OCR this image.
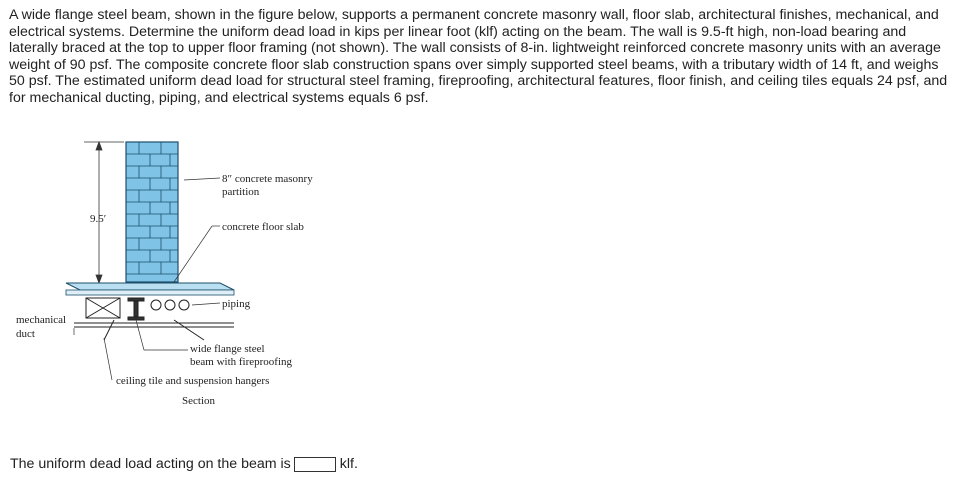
A wide flange steel beam, shown in the figure below, supports a permanent concrete masonry wall, floor slab, architectural finishes, mechanical, and electrical systems. Determine the uniform dead load in kips per linear foot (klf) acting on the beam. The wall is 9.5-ft high, non-load bearing and laterally braced at the top to upper floor framing (not shown). The wall consists of 8-in. lightweight reinforced concrete masonry units with an average weight of 90 psf. The composite concrete floor slab construction spans over simply supported steel beams, with a tributary width of 14 ft, and weighs 50 psf. The estimated uniform dead load for structural steel framing, fireproofing, architectural features, floor finish, and ceiling tiles equals 24 psf, and for mechanical ducting, piping, and electrical systems equals 6 psf.

9.5′
8″ concrete masonry
partition
concrete floor slab
piping
mechanical
duct
wide flange steel
beam with fireproofing
ceiling tile and suspension hangers
Section
The uniform dead load acting on the beam is	klf.
